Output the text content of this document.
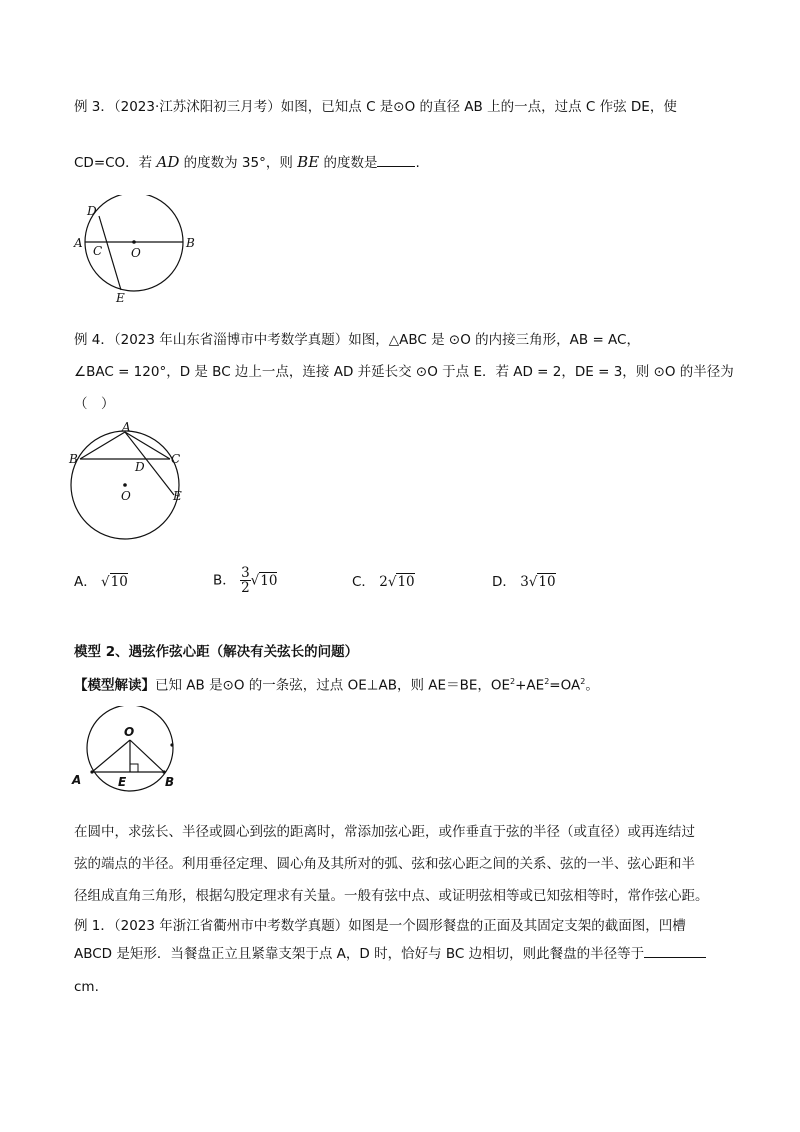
例 3．（2023·江苏沭阳初三月考）如图，已知点 C 是⊙O 的直径 AB 上的一点，过点 C 作弦 DE，使
CD=CO．若 AD 的度数为 35°，则 BE 的度数是	.
D
A
C O
B
E
例 4．（2023 年山东省淄博市中考数学真题）如图，△ABC 是 ⊙O 的内接三角形，AB = AC，
∠BAC = 120°，D 是 BC 边上一点，连接 AD 并延长交 ⊙O 于点 E．若 AD = 2，DE = 3，则 ⊙O 的半径为
（　）
A
B	C
D
E
O
A． √10	B． $\frac{3}{2} √10$	C． 2√10	D． 3√10
模型 2、遇弦作弦心距（解决有关弦长的问题）
【模型解读】已知 AB 是⊙O 的一条弦，过点 OE⊥AB，则 AE＝BE，$OE^2+AE^2=OA^2$。
O
A	E	B
在圆中，求弦长、半径或圆心到弦的距离时，常添加弦心距，或作垂直于弦的半径（或直径）或再连结过
弦的端点的半径。利用垂径定理、圆心角及其所对的弧、弦和弦心距之间的关系、弦的一半、弦心距和半
径组成直角三角形，根据勾股定理求有关量。一般有弦中点、或证明弦相等或已知弦相等时，常作弦心距。
例 1．（2023 年浙江省衢州市中考数学真题）如图是一个圆形餐盘的正面及其固定支架的截面图，凹槽
ABCD 是矩形．当餐盘正立且紧靠支架于点 A，D 时，恰好与 BC 边相切，则此餐盘的半径等于
cm.
